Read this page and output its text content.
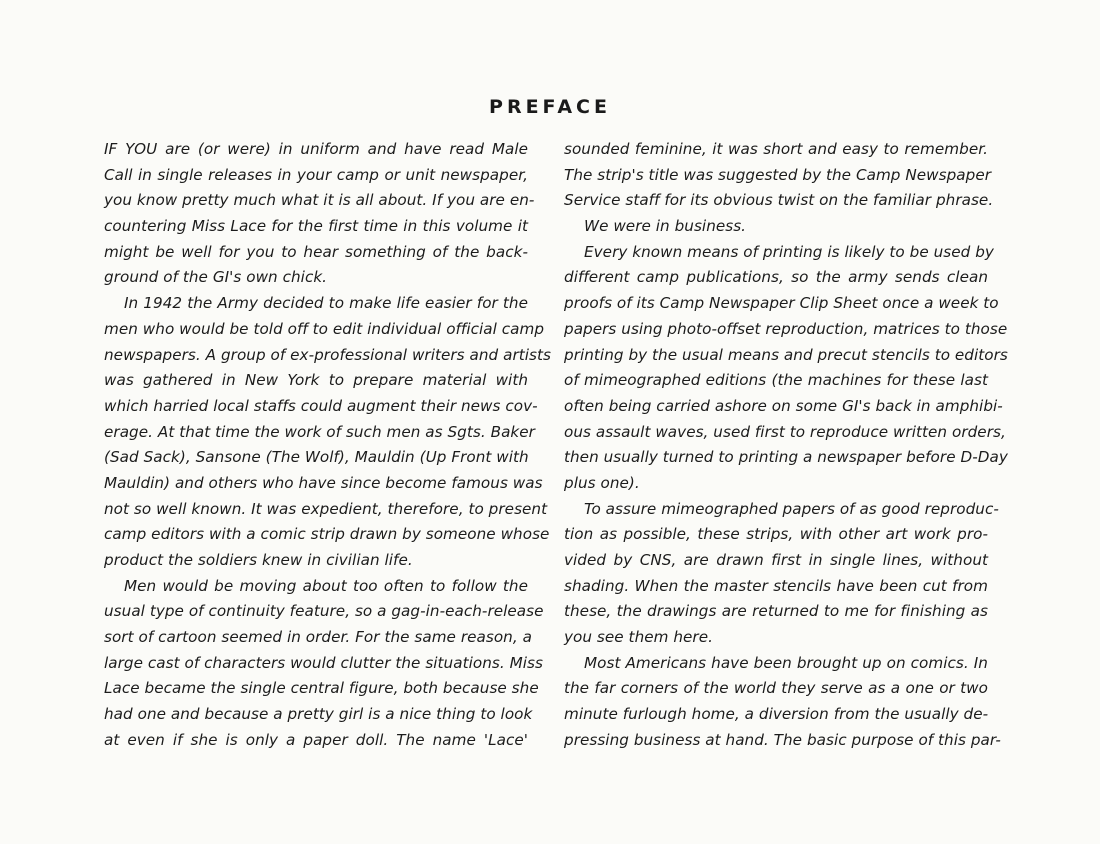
PREFACE
IF YOU are (or were) in uniform and have read Male
Call in single releases in your camp or unit newspaper,
you know pretty much what it is all about. If you are en-
countering Miss Lace for the first time in this volume it
might be well for you to hear something of the back-
ground of the GI's own chick.
In 1942 the Army decided to make life easier for the
men who would be told off to edit individual official camp
newspapers. A group of ex-professional writers and artists
was gathered in New York to prepare material with
which harried local staffs could augment their news cov-
erage. At that time the work of such men as Sgts. Baker
(Sad Sack), Sansone (The Wolf), Mauldin (Up Front with
Mauldin) and others who have since become famous was
not so well known. It was expedient, therefore, to present
camp editors with a comic strip drawn by someone whose
product the soldiers knew in civilian life.
Men would be moving about too often to follow the
usual type of continuity feature, so a gag-in-each-release
sort of cartoon seemed in order. For the same reason, a
large cast of characters would clutter the situations. Miss
Lace became the single central figure, both because she
had one and because a pretty girl is a nice thing to look
at even if she is only a paper doll. The name 'Lace'
sounded feminine, it was short and easy to remember.
The strip's title was suggested by the Camp Newspaper
Service staff for its obvious twist on the familiar phrase.
We were in business.
Every known means of printing is likely to be used by
different camp publications, so the army sends clean
proofs of its Camp Newspaper Clip Sheet once a week to
papers using photo-offset reproduction, matrices to those
printing by the usual means and precut stencils to editors
of mimeographed editions (the machines for these last
often being carried ashore on some GI's back in amphibi-
ous assault waves, used first to reproduce written orders,
then usually turned to printing a newspaper before D-Day
plus one).
To assure mimeographed papers of as good reproduc-
tion as possible, these strips, with other art work pro-
vided by CNS, are drawn first in single lines, without
shading. When the master stencils have been cut from
these, the drawings are returned to me for finishing as
you see them here.
Most Americans have been brought up on comics. In
the far corners of the world they serve as a one or two
minute furlough home, a diversion from the usually de-
pressing business at hand. The basic purpose of this par-
